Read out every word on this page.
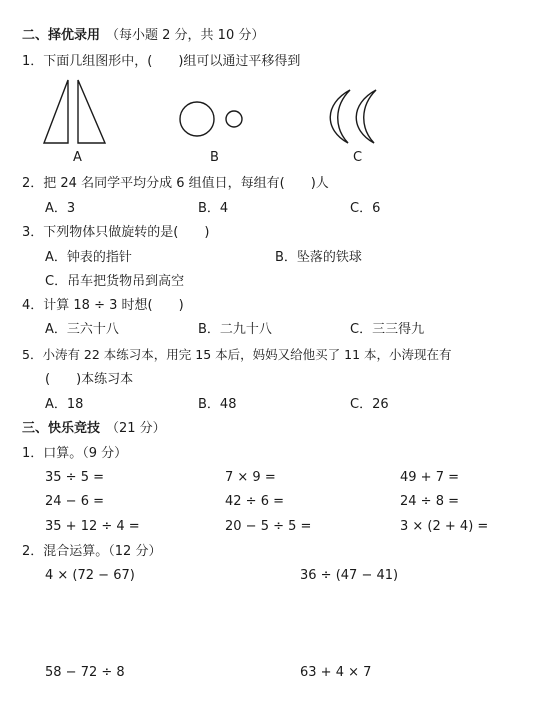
二、择优录用 （每小题 2 分，共 10 分）
1．下面几组图形中，( )组可以通过平移得到
A	B	C
2．把 24 名同学平均分成 6 组值日，每组有( )人
A．3	B．4	C．6
3．下列物体只做旋转的是( )
A．钟表的指针	B．坠落的铁球
C．吊车把货物吊到高空
4．计算 18 ÷ 3 时想( )
A．三六十八	B．二九十八	C．三三得九
5．小涛有 22 本练习本，用完 15 本后，妈妈又给他买了 11 本，小涛现在有
( )本练习本
A．18	B．48	C．26
三、快乐竞技 （21 分）
1．口算。（9 分）
35 ÷ 5 =	7 × 9 =	49 + 7 =
24 − 6 =	42 ÷ 6 =	24 ÷ 8 =
35 + 12 ÷ 4 =	20 − 5 ÷ 5 =	3 × (2 + 4) =
2．混合运算。（12 分）
4 × (72 − 67)	36 ÷ (47 − 41)
58 − 72 ÷ 8	63 + 4 × 7
